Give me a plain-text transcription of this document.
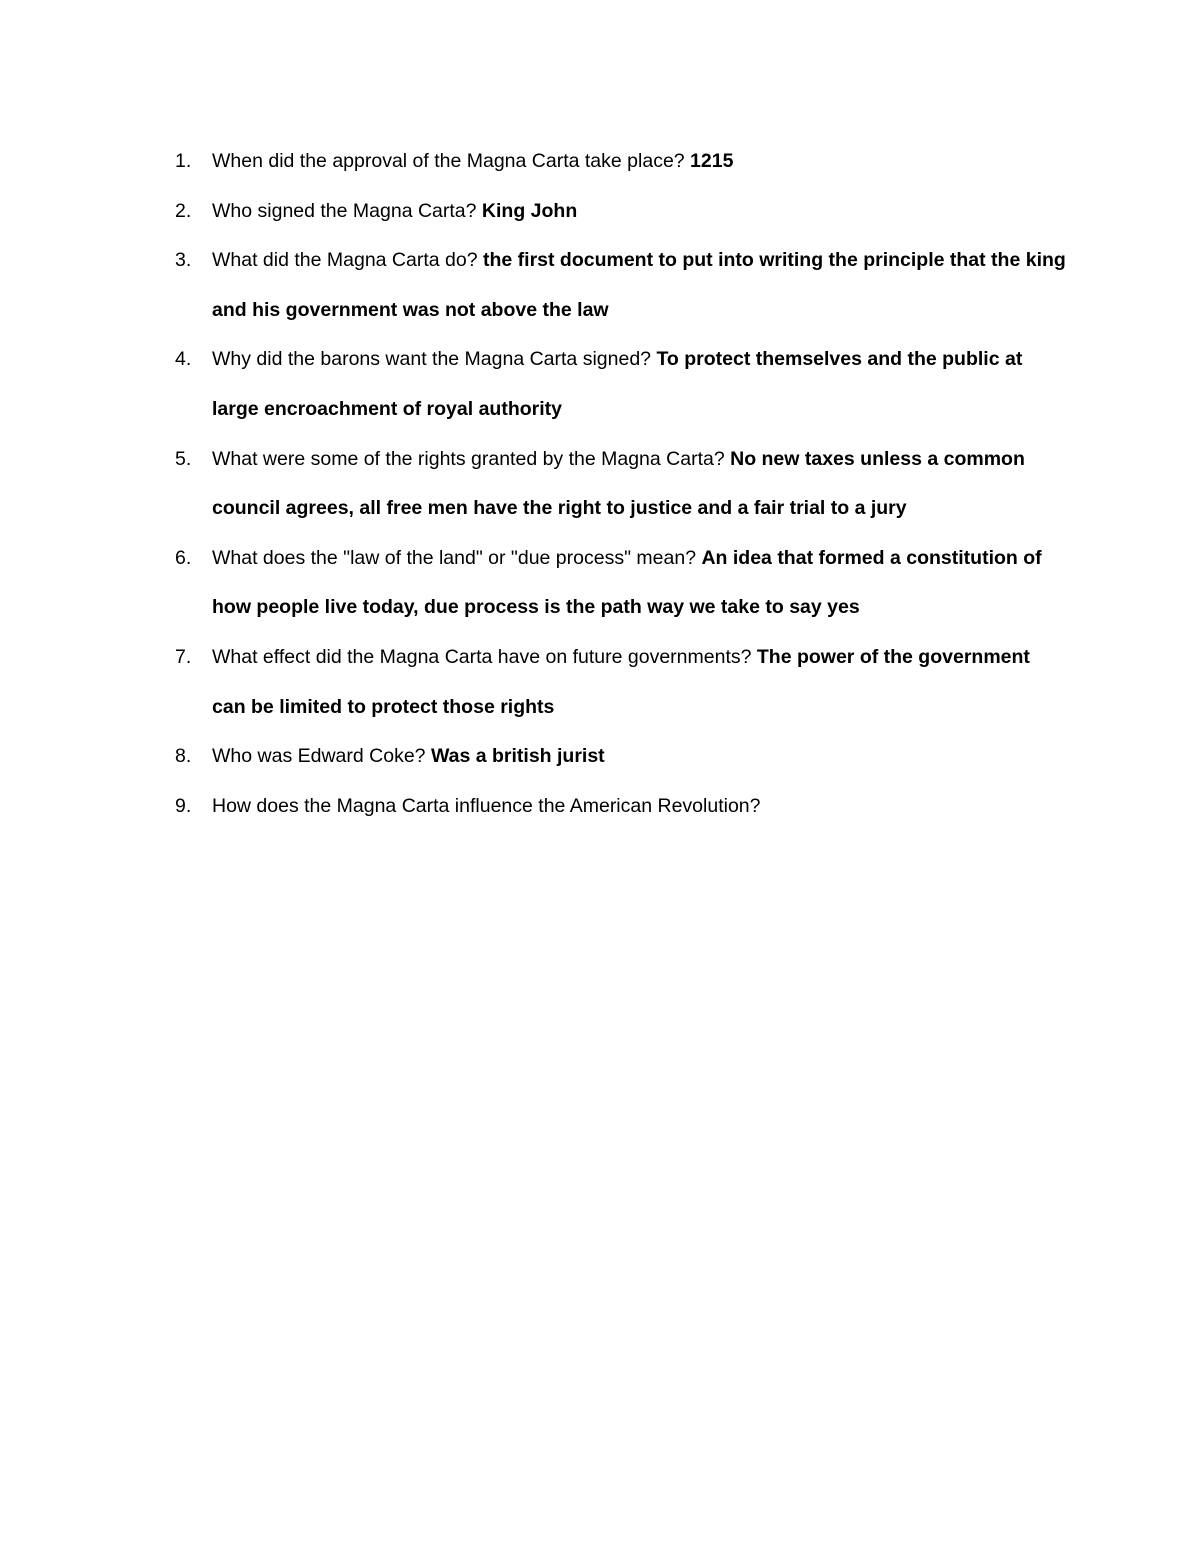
1. When did the approval of the Magna Carta take place? 1215
2. Who signed the Magna Carta? King John
3. What did the Magna Carta do? the first document to put into writing the principle that the king and his government was not above the law
4. Why did the barons want the Magna Carta signed? To protect themselves and the public at large encroachment of royal authority
5. What were some of the rights granted by the Magna Carta? No new taxes unless a common council agrees, all free men have the right to justice and a fair trial to a jury
6. What does the "law of the land" or "due process" mean? An idea that formed a constitution of how people live today, due process is the path way we take to say yes
7. What effect did the Magna Carta have on future governments? The power of the government can be limited to protect those rights
8. Who was Edward Coke? Was a british jurist
9. How does the Magna Carta influence the American Revolution?
